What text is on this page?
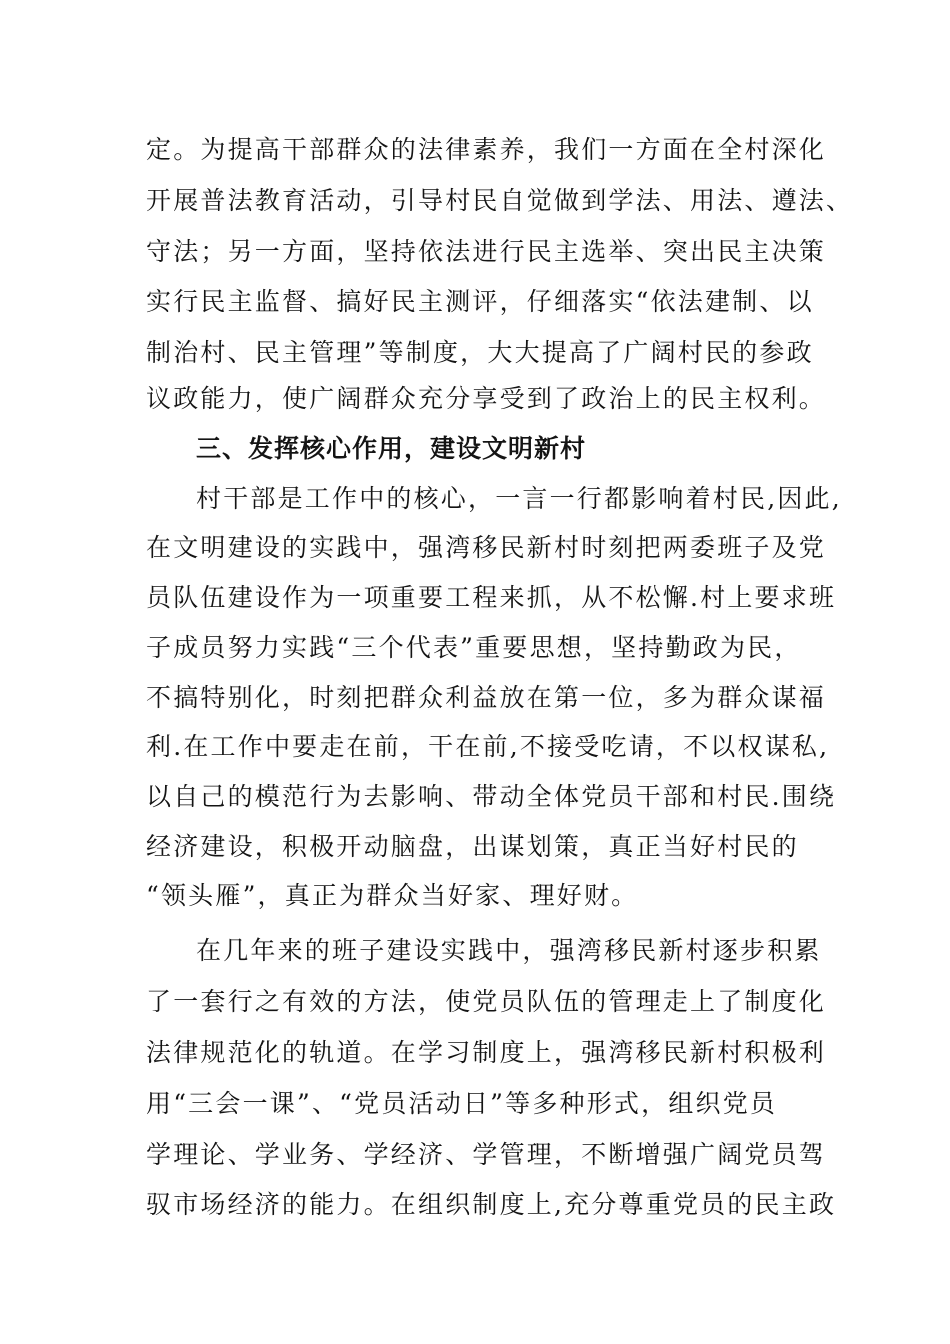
定。为提高干部群众的法律素养，我们一方面在全村深化
开展普法教育活动，引导村民自觉做到学法、用法、遵法、
守法；另一方面，坚持依法进行民主选举、突出民主决策
实行民主监督、搞好民主测评，仔细落实“依法建制、以
制治村、民主管理”等制度，大大提高了广阔村民的参政
议政能力，使广阔群众充分享受到了政治上的民主权利。
三、发挥核心作用，建设文明新村
村干部是工作中的核心，一言一行都影响着村民,因此,
在文明建设的实践中，强湾移民新村时刻把两委班子及党
员队伍建设作为一项重要工程来抓，从不松懈.村上要求班
子成员努力实践“三个代表”重要思想，坚持勤政为民，
不搞特别化，时刻把群众利益放在第一位，多为群众谋福
利.在工作中要走在前，干在前,不接受吃请，不以权谋私,
以自己的模范行为去影响、带动全体党员干部和村民.围绕
经济建设，积极开动脑盘，出谋划策，真正当好村民的
“领头雁”，真正为群众当好家、理好财。
在几年来的班子建设实践中，强湾移民新村逐步积累
了一套行之有效的方法，使党员队伍的管理走上了制度化
法律规范化的轨道。在学习制度上，强湾移民新村积极利
用“三会一课”、“党员活动日”等多种形式，组织党员
学理论、学业务、学经济、学管理，不断增强广阔党员驾
驭市场经济的能力。在组织制度上,充分尊重党员的民主政
